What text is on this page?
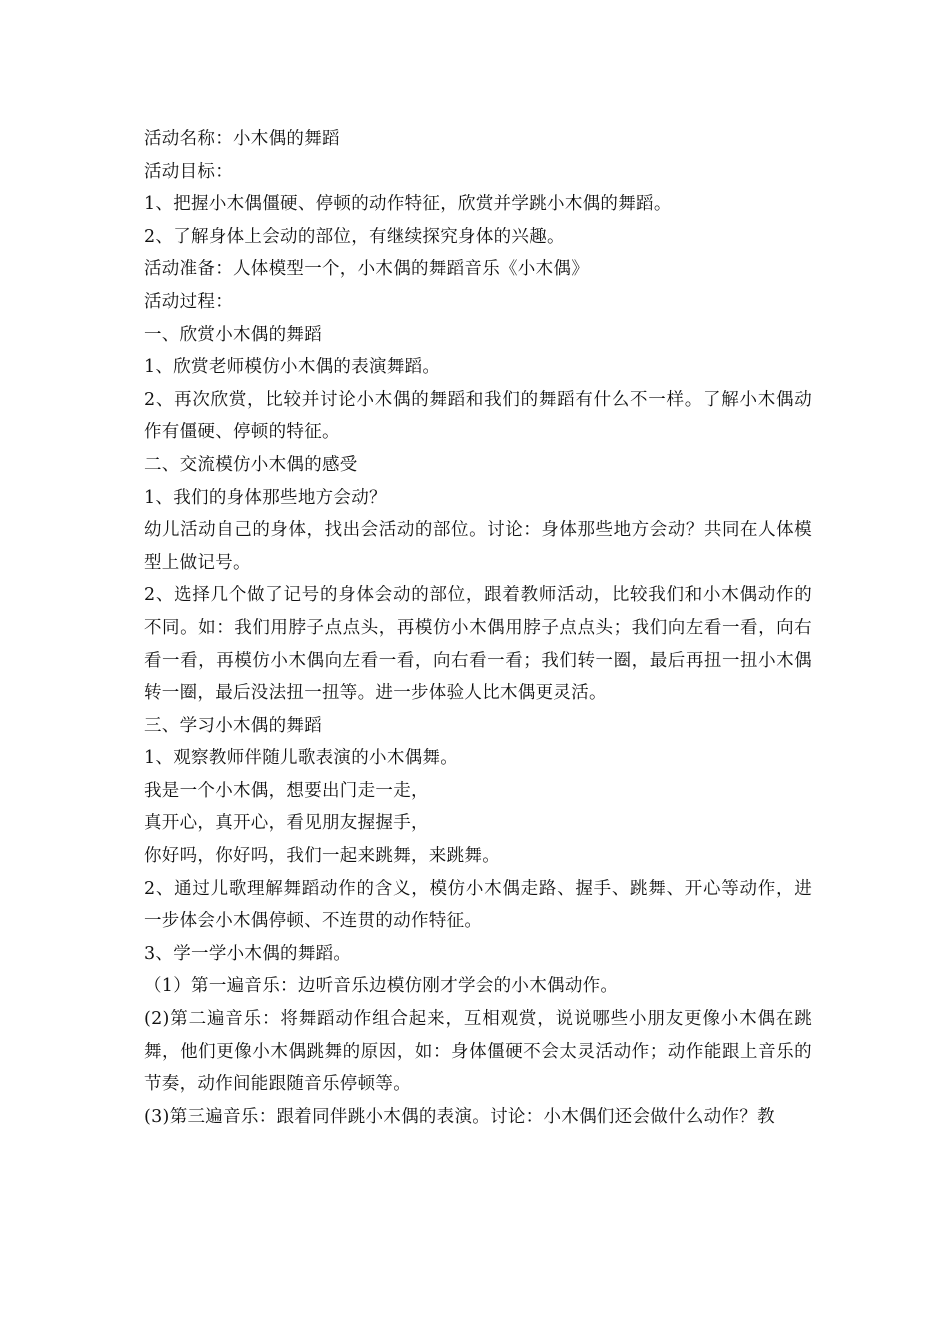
活动名称：小木偶的舞蹈

活动目标：

1、把握小木偶僵硬、停顿的动作特征，欣赏并学跳小木偶的舞蹈。

2、了解身体上会动的部位，有继续探究身体的兴趣。

活动准备：人体模型一个，小木偶的舞蹈音乐《小木偶》

活动过程：

一、欣赏小木偶的舞蹈

1、欣赏老师模仿小木偶的表演舞蹈。

2、再次欣赏，比较并讨论小木偶的舞蹈和我们的舞蹈有什么不一样。了解小木偶动作有僵硬、停顿的特征。

二、交流模仿小木偶的感受

1、我们的身体那些地方会动？

幼儿活动自己的身体，找出会活动的部位。讨论：身体那些地方会动？共同在人体模型上做记号。

2、选择几个做了记号的身体会动的部位，跟着教师活动，比较我们和小木偶动作的不同。如：我们用脖子点点头，再模仿小木偶用脖子点点头；我们向左看一看，向右看一看，再模仿小木偶向左看一看，向右看一看；我们转一圈，最后再扭一扭小木偶转一圈，最后没法扭一扭等。进一步体验人比木偶更灵活。

三、学习小木偶的舞蹈

1、观察教师伴随儿歌表演的小木偶舞。

我是一个小木偶，想要出门走一走，

真开心，真开心，看见朋友握握手，

你好吗，你好吗，我们一起来跳舞，来跳舞。

2、通过儿歌理解舞蹈动作的含义，模仿小木偶走路、握手、跳舞、开心等动作，进一步体会小木偶停顿、不连贯的动作特征。

3、学一学小木偶的舞蹈。

（1）第一遍音乐：边听音乐边模仿刚才学会的小木偶动作。

(2)第二遍音乐：将舞蹈动作组合起来，互相观赏，说说哪些小朋友更像小木偶在跳舞，他们更像小木偶跳舞的原因，如：身体僵硬不会太灵活动作；动作能跟上音乐的节奏，动作间能跟随音乐停顿等。

(3)第三遍音乐：跟着同伴跳小木偶的表演。讨论：小木偶们还会做什么动作？教
